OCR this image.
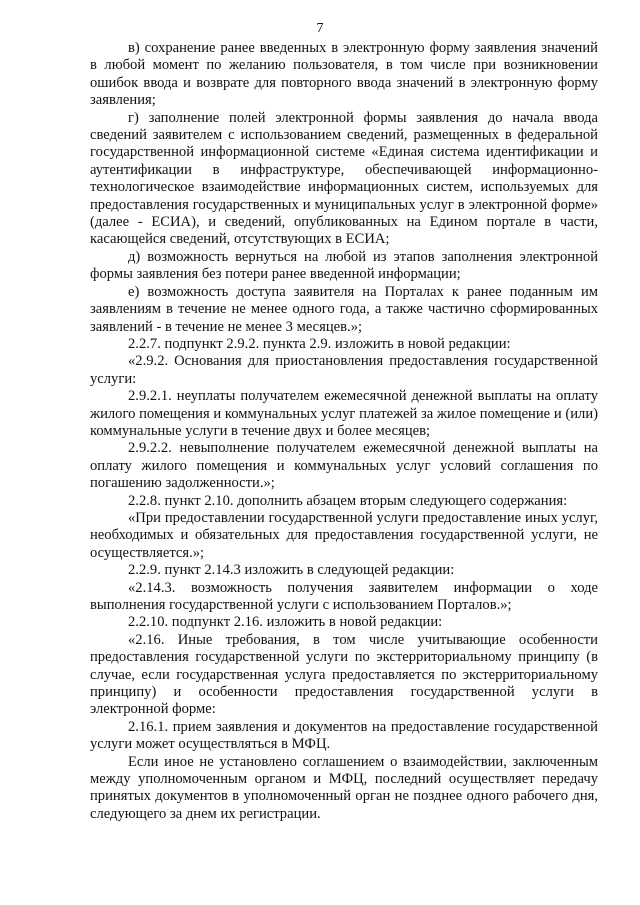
7

в) сохранение ранее введенных в электронную форму заявления значений в любой момент по желанию пользователя, в том числе при возникновении ошибок ввода и возврате для повторного ввода значений в электронную форму заявления;

г) заполнение полей электронной формы заявления до начала ввода сведений заявителем с использованием сведений, размещенных в федеральной государственной информационной системе «Единая система идентификации и аутентификации в инфраструктуре, обеспечивающей информационно-технологическое взаимодействие информационных систем, используемых для предоставления государственных и муниципальных услуг в электронной форме» (далее - ЕСИА), и сведений, опубликованных на Едином портале в части, касающейся сведений, отсутствующих в ЕСИА;

д) возможность вернуться на любой из этапов заполнения электронной формы заявления без потери ранее введенной информации;

е) возможность доступа заявителя на Порталах к ранее поданным им заявлениям в течение не менее одного года, а также частично сформированных заявлений - в течение не менее 3 месяцев.»;

2.2.7. подпункт 2.9.2. пункта 2.9. изложить в новой редакции:

«2.9.2. Основания для приостановления предоставления государственной услуги:

2.9.2.1. неуплаты получателем ежемесячной денежной выплаты на оплату жилого помещения и коммунальных услуг платежей за жилое помещение и (или) коммунальные услуги в течение двух и более месяцев;

2.9.2.2. невыполнение получателем ежемесячной денежной выплаты на оплату жилого помещения и коммунальных услуг условий соглашения по погашению задолженности.»;

2.2.8. пункт 2.10. дополнить абзацем вторым следующего содержания:

«При предоставлении государственной услуги предоставление иных услуг, необходимых и обязательных для предоставления государственной услуги, не осуществляется.»;

2.2.9. пункт 2.14.3 изложить в следующей редакции:

«2.14.3. возможность получения заявителем информации о ходе выполнения государственной услуги с использованием Порталов.»;

2.2.10. подпункт 2.16. изложить в новой редакции:

«2.16. Иные требования, в том числе учитывающие особенности предоставления государственной услуги по экстерриториальному принципу (в случае, если государственная услуга предоставляется по экстерриториальному принципу) и особенности предоставления государственной услуги в электронной форме:

2.16.1. прием заявления и документов на предоставление государственной услуги может осуществляться в МФЦ.

Если иное не установлено соглашением о взаимодействии, заключенным между уполномоченным органом и МФЦ, последний осуществляет передачу принятых документов в уполномоченный орган не позднее одного рабочего дня, следующего за днем их регистрации.
